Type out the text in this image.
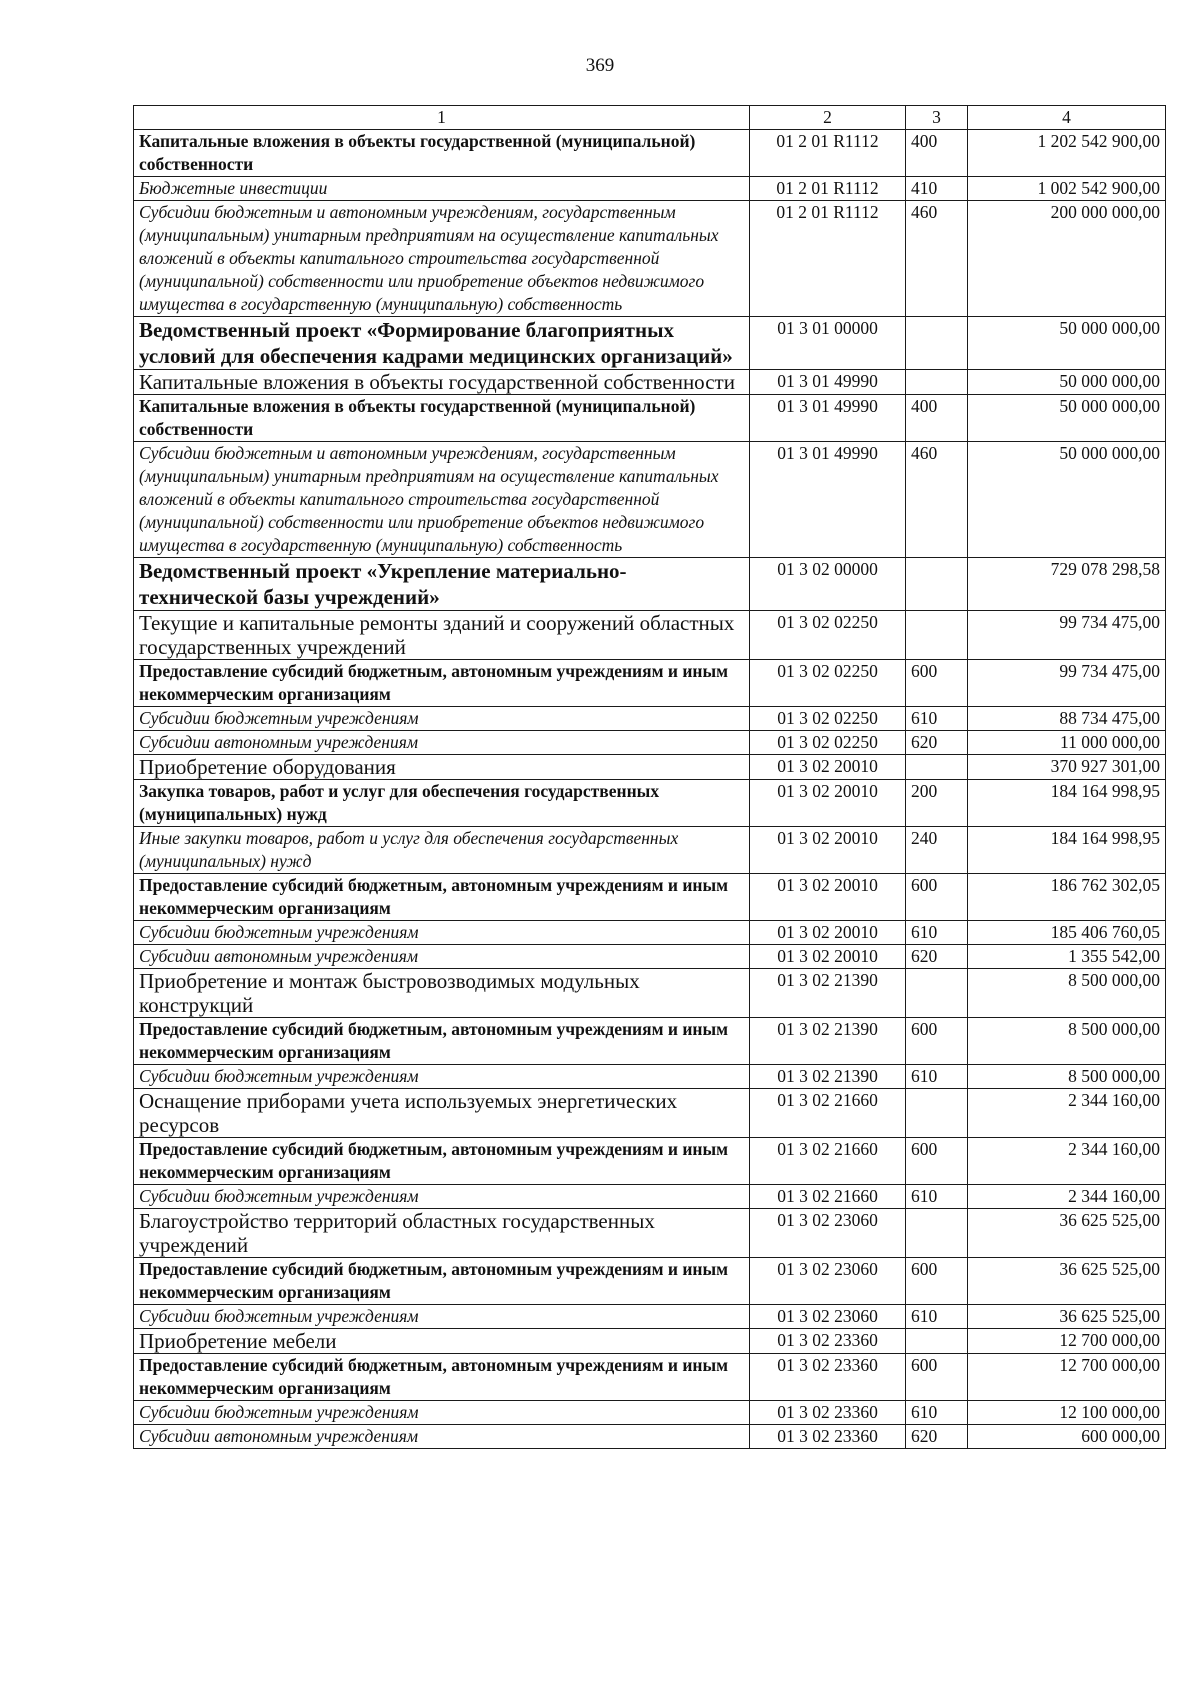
369
1	2	3	4
Капитальные вложения в объекты государственной (муниципальной) собственности	01 2 01 R1112	400	1 202 542 900,00
Бюджетные инвестиции	01 2 01 R1112	410	1 002 542 900,00
Субсидии бюджетным и автономным учреждениям, государственным (муниципальным) унитарным предприятиям на осуществление капитальных вложений в объекты капитального строительства государственной (муниципальной) собственности или приобретение объектов недвижимого имущества в государственную (муниципальную) собственность	01 2 01 R1112	460	200 000 000,00
Ведомственный проект «Формирование благоприятных условий для обеспечения кадрами медицинских организаций»	01 3 01 00000		50 000 000,00
Капитальные вложения в объекты государственной собственности	01 3 01 49990		50 000 000,00
Капитальные вложения в объекты государственной (муниципальной) собственности	01 3 01 49990	400	50 000 000,00
Субсидии бюджетным и автономным учреждениям, государственным (муниципальным) унитарным предприятиям на осуществление капитальных вложений в объекты капитального строительства государственной (муниципальной) собственности или приобретение объектов недвижимого имущества в государственную (муниципальную) собственность	01 3 01 49990	460	50 000 000,00
Ведомственный проект «Укрепление материально-технической базы учреждений»	01 3 02 00000		729 078 298,58
Текущие и капитальные ремонты зданий и сооружений областных государственных учреждений	01 3 02 02250		99 734 475,00
Предоставление субсидий бюджетным, автономным учреждениям и иным некоммерческим организациям	01 3 02 02250	600	99 734 475,00
Субсидии бюджетным учреждениям	01 3 02 02250	610	88 734 475,00
Субсидии автономным учреждениям	01 3 02 02250	620	11 000 000,00
Приобретение оборудования	01 3 02 20010		370 927 301,00
Закупка товаров, работ и услуг для обеспечения государственных (муниципальных) нужд	01 3 02 20010	200	184 164 998,95
Иные закупки товаров, работ и услуг для обеспечения государственных (муниципальных) нужд	01 3 02 20010	240	184 164 998,95
Предоставление субсидий бюджетным, автономным учреждениям и иным некоммерческим организациям	01 3 02 20010	600	186 762 302,05
Субсидии бюджетным учреждениям	01 3 02 20010	610	185 406 760,05
Субсидии автономным учреждениям	01 3 02 20010	620	1 355 542,00
Приобретение и монтаж быстровозводимых модульных конструкций	01 3 02 21390		8 500 000,00
Предоставление субсидий бюджетным, автономным учреждениям и иным некоммерческим организациям	01 3 02 21390	600	8 500 000,00
Субсидии бюджетным учреждениям	01 3 02 21390	610	8 500 000,00
Оснащение приборами учета используемых энергетических ресурсов	01 3 02 21660		2 344 160,00
Предоставление субсидий бюджетным, автономным учреждениям и иным некоммерческим организациям	01 3 02 21660	600	2 344 160,00
Субсидии бюджетным учреждениям	01 3 02 21660	610	2 344 160,00
Благоустройство территорий областных государственных учреждений	01 3 02 23060		36 625 525,00
Предоставление субсидий бюджетным, автономным учреждениям и иным некоммерческим организациям	01 3 02 23060	600	36 625 525,00
Субсидии бюджетным учреждениям	01 3 02 23060	610	36 625 525,00
Приобретение мебели	01 3 02 23360		12 700 000,00
Предоставление субсидий бюджетным, автономным учреждениям и иным некоммерческим организациям	01 3 02 23360	600	12 700 000,00
Субсидии бюджетным учреждениям	01 3 02 23360	610	12 100 000,00
Субсидии автономным учреждениям	01 3 02 23360	620	600 000,00
